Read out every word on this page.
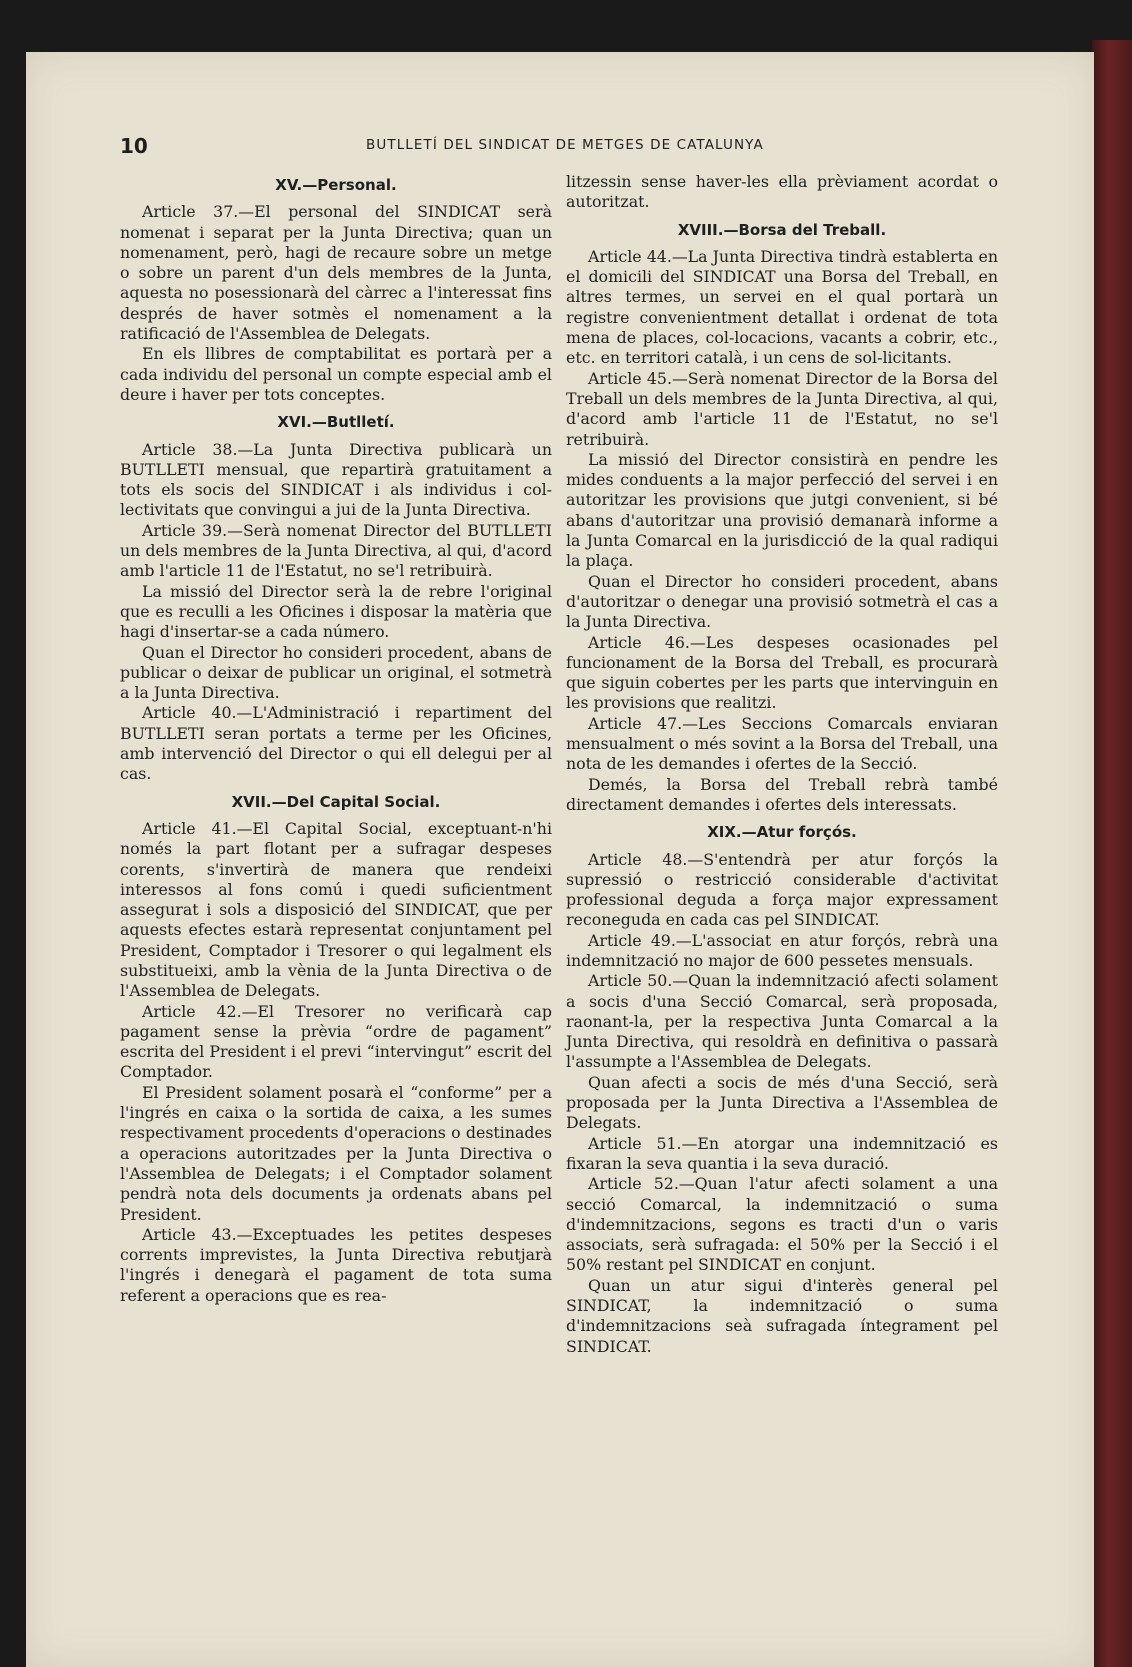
10	BUTLLETÍ DEL SINDICAT DE METGES DE CATALUNYA
XV.—Personal.

Article 37.—El personal del SINDICAT serà nomenat i separat per la Junta Directiva; quan un nomenament, però, hagi de recaure sobre un metge o sobre un parent d'un dels membres de la Junta, aquesta no posessionarà del càrrec a l'interessat fins després de haver sotmès el nomenament a la ratificació de l'Assemblea de Delegats.

En els llibres de comptabilitat es portarà per a cada individu del personal un compte especial amb el deure i haver per tots conceptes.

XVI.—Butlletí.

Article 38.—La Junta Directiva publicarà un BUTLLETI mensual, que repartirà gratuitament a tots els socis del SINDICAT i als individus i col-lectivitats que convingui a jui de la Junta Directiva.

Article 39.—Serà nomenat Director del BUTLLETI un dels membres de la Junta Directiva, al qui, d'acord amb l'article 11 de l'Estatut, no se'l retribuirà.

La missió del Director serà la de rebre l'original que es reculli a les Oficines i disposar la matèria que hagi d'insertar-se a cada número.

Quan el Director ho consideri procedent, abans de publicar o deixar de publicar un original, el sotmetrà a la Junta Directiva.

Article 40.—L'Administració i repartiment del BUTLLETI seran portats a terme per les Oficines, amb intervenció del Director o qui ell delegui per al cas.

XVII.—Del Capital Social.

Article 41.—El Capital Social, exceptuant-n'hi només la part flotant per a sufragar despeses corents, s'invertirà de manera que rendeixi interessos al fons comú i quedi suficientment assegurat i sols a disposició del SINDICAT, que per aquests efectes estarà representat conjuntament pel President, Comptador i Tresorer o qui legalment els substitueixi, amb la vènia de la Junta Directiva o de l'Assemblea de Delegats.

Article 42.—El Tresorer no verificarà cap pagament sense la prèvia “ordre de pagament” escrita del President i el previ “intervingut” escrit del Comptador.

El President solament posarà el “conforme” per a l'ingrés en caixa o la sortida de caixa, a les sumes respectivament procedents d'operacions o destinades a operacions autoritzades per la Junta Directiva o l'Assemblea de Delegats; i el Comptador solament pendrà nota dels documents ja ordenats abans pel President.

Article 43.—Exceptuades les petites despeses corrents imprevistes, la Junta Directiva rebutjarà l'ingrés i denegarà el pagament de tota suma referent a operacions que es rea-

litzessin sense haver-les ella prèviament acordat o autoritzat.

XVIII.—Borsa del Treball.

Article 44.—La Junta Directiva tindrà establerta en el domicili del SINDICAT una Borsa del Treball, en altres termes, un servei en el qual portarà un registre convenientment detallat i ordenat de tota mena de places, col-locacions, vacants a cobrir, etc., etc. en territori català, i un cens de sol-licitants.

Article 45.—Serà nomenat Director de la Borsa del Treball un dels membres de la Junta Directiva, al qui, d'acord amb l'article 11 de l'Estatut, no se'l retribuirà.

La missió del Director consistirà en pendre les mides conduents a la major perfecció del servei i en autoritzar les provisions que jutgi convenient, si bé abans d'autoritzar una provisió demanarà informe a la Junta Comarcal en la jurisdicció de la qual radiqui la plaça.

Quan el Director ho consideri procedent, abans d'autoritzar o denegar una provisió sotmetrà el cas a la Junta Directiva.

Article 46.—Les despeses ocasionades pel funcionament de la Borsa del Treball, es procurarà que siguin cobertes per les parts que intervinguin en les provisions que realitzi.

Article 47.—Les Seccions Comarcals enviaran mensualment o més sovint a la Borsa del Treball, una nota de les demandes i ofertes de la Secció.

Demés, la Borsa del Treball rebrà també directament demandes i ofertes dels interessats.

XIX.—Atur forçós.

Article 48.—S'entendrà per atur forçós la supressió o restricció considerable d'activitat professional deguda a força major expressament reconeguda en cada cas pel SINDICAT.

Article 49.—L'associat en atur forçós, rebrà una indemnització no major de 600 pessetes mensuals.

Article 50.—Quan la indemnització afecti solament a socis d'una Secció Comarcal, serà proposada, raonant-la, per la respectiva Junta Comarcal a la Junta Directiva, qui resoldrà en definitiva o passarà l'assumpte a l'Assemblea de Delegats.

Quan afecti a socis de més d'una Secció, serà proposada per la Junta Directiva a l'Assemblea de Delegats.

Article 51.—En atorgar una indemnització es fixaran la seva quantia i la seva duració.

Article 52.—Quan l'atur afecti solament a una secció Comarcal, la indemnització o suma d'indemnitzacions, segons es tracti d'un o varis associats, serà sufragada: el 50% per la Secció i el 50% restant pel SINDICAT en conjunt.

Quan un atur sigui d'interès general pel SINDICAT, la indemnització o suma d'indemnitzacions seà sufragada íntegrament pel SINDICAT.
